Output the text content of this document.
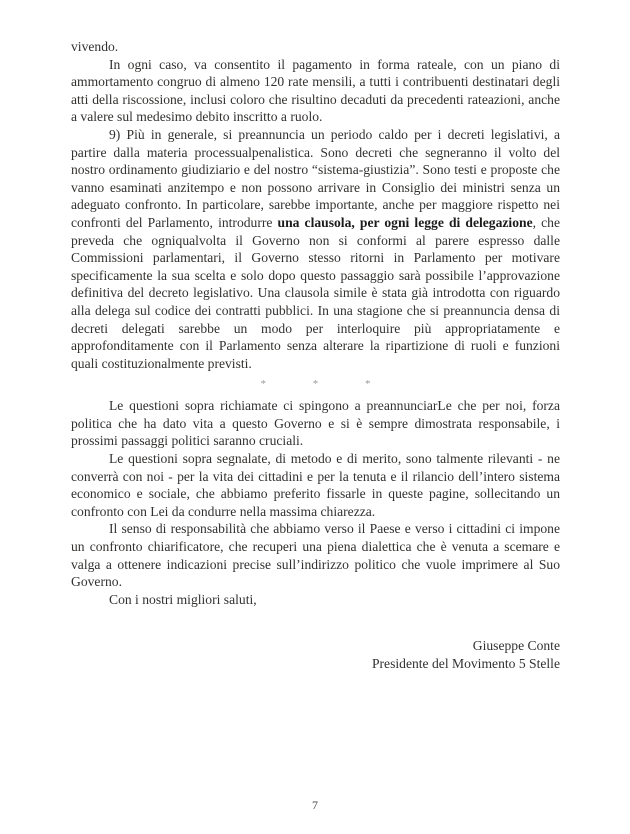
vivendo.

In ogni caso, va consentito il pagamento in forma rateale, con un piano di ammortamento congruo di almeno 120 rate mensili, a tutti i contribuenti destinatari degli atti della riscossione, inclusi coloro che risultino decaduti da precedenti rateazioni, anche a valere sul medesimo debito inscritto a ruolo.

9) Più in generale, si preannuncia un periodo caldo per i decreti legislativi, a partire dalla materia processualpenalistica. Sono decreti che segneranno il volto del nostro ordinamento giudiziario e del nostro “sistema-giustizia”. Sono testi e proposte che vanno esaminati anzitempo e non possono arrivare in Consiglio dei ministri senza un adeguato confronto. In particolare, sarebbe importante, anche per maggiore rispetto nei confronti del Parlamento, introdurre una clausola, per ogni legge di delegazione, che preveda che ogniqualvolta il Governo non si conformi al parere espresso dalle Commissioni parlamentari, il Governo stesso ritorni in Parlamento per motivare specificamente la sua scelta e solo dopo questo passaggio sarà possibile l’approvazione definitiva del decreto legislativo. Una clausola simile è stata già introdotta con riguardo alla delega sul codice dei contratti pubblici. In una stagione che si preannuncia densa di decreti delegati sarebbe un modo per interloquire più appropriatamente e approfonditamente con il Parlamento senza alterare la ripartizione di ruoli e funzioni quali costituzionalmente previsti.

* * *

Le questioni sopra richiamate ci spingono a preannunciarLe che per noi, forza politica che ha dato vita a questo Governo e si è sempre dimostrata responsabile, i prossimi passaggi politici saranno cruciali.

Le questioni sopra segnalate, di metodo e di merito, sono talmente rilevanti - ne converrà con noi - per la vita dei cittadini e per la tenuta e il rilancio dell’intero sistema economico e sociale, che abbiamo preferito fissarle in queste pagine, sollecitando un confronto con Lei da condurre nella massima chiarezza.

Il senso di responsabilità che abbiamo verso il Paese e verso i cittadini ci impone un confronto chiarificatore, che recuperi una piena dialettica che è venuta a scemare e valga a ottenere indicazioni precise sull’indirizzo politico che vuole imprimere al Suo Governo.

Con i nostri migliori saluti,

Giuseppe Conte
Presidente del Movimento 5 Stelle
7
